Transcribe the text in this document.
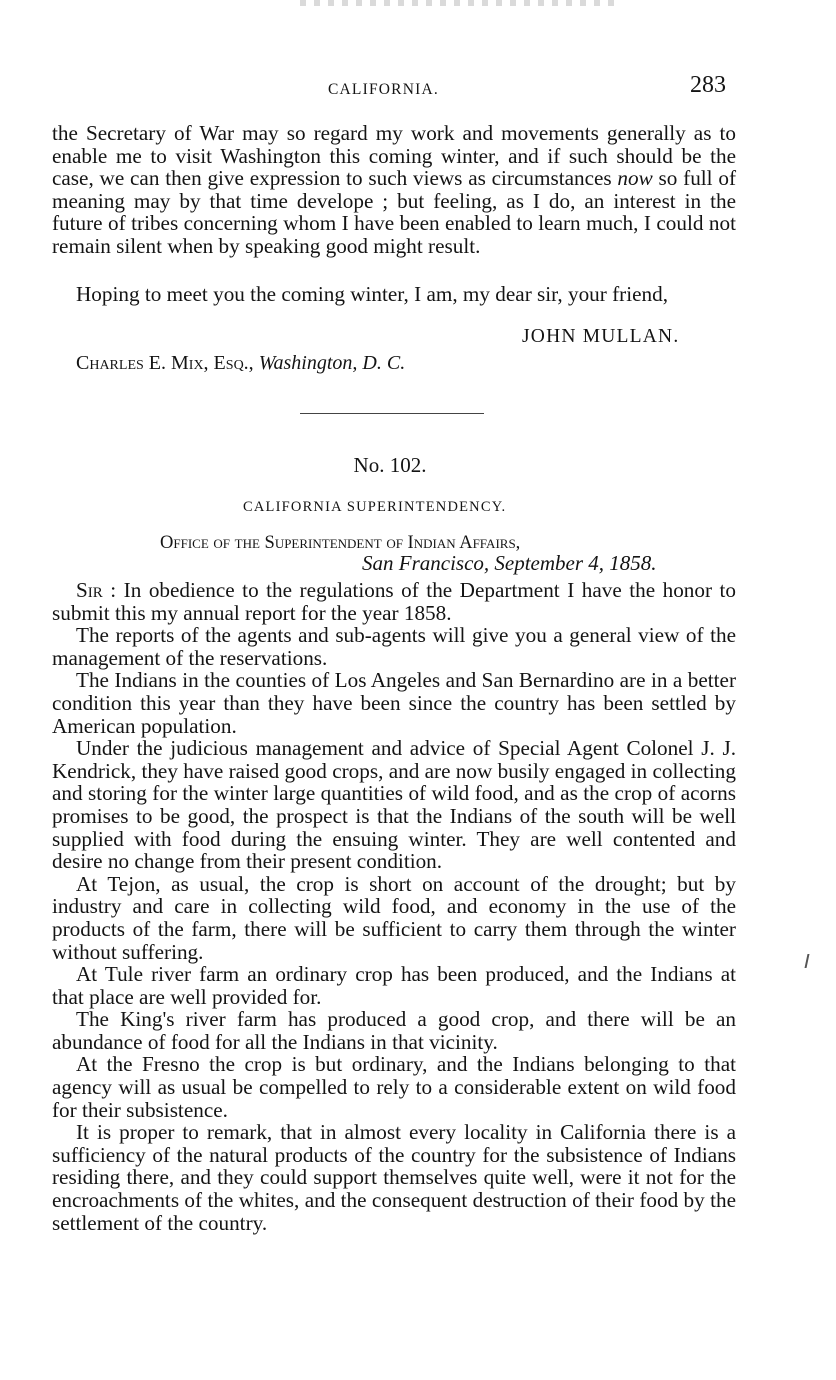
CALIFORNIA.	283

the Secretary of War may so regard my work and movements generally as to enable me to visit Washington this coming winter, and if such should be the case, we can then give expression to such views as circumstances now so full of meaning may by that time develope ; but feeling, as I do, an interest in the future of tribes concerning whom I have been enabled to learn much, I could not remain silent when by speaking good might result.

Hoping to meet you the coming winter, I am, my dear sir, your friend,

JOHN MULLAN.
Charles E. Mix, Esq., Washington, D. C.
No. 102.
CALIFORNIA SUPERINTENDENCY.
Office of the Superintendent of Indian Affairs,
San Francisco, September 4, 1858.

Sir : In obedience to the regulations of the Department I have the honor to submit this my annual report for the year 1858.

The reports of the agents and sub-agents will give you a general view of the management of the reservations.

The Indians in the counties of Los Angeles and San Bernardino are in a better condition this year than they have been since the country has been settled by American population.

Under the judicious management and advice of Special Agent Colonel J. J. Kendrick, they have raised good crops, and are now busily engaged in collecting and storing for the winter large quantities of wild food, and as the crop of acorns promises to be good, the prospect is that the Indians of the south will be well supplied with food during the ensuing winter. They are well contented and desire no change from their present condition.

At Tejon, as usual, the crop is short on account of the drought; but by industry and care in collecting wild food, and economy in the use of the products of the farm, there will be sufficient to carry them through the winter without suffering.

At Tule river farm an ordinary crop has been produced, and the Indians at that place are well provided for.

The King's river farm has produced a good crop, and there will be an abundance of food for all the Indians in that vicinity.

At the Fresno the crop is but ordinary, and the Indians belonging to that agency will as usual be compelled to rely to a considerable extent on wild food for their subsistence.

It is proper to remark, that in almost every locality in California there is a sufficiency of the natural products of the country for the subsistence of Indians residing there, and they could support themselves quite well, were it not for the encroachments of the whites, and the consequent destruction of their food by the settlement of the country.
